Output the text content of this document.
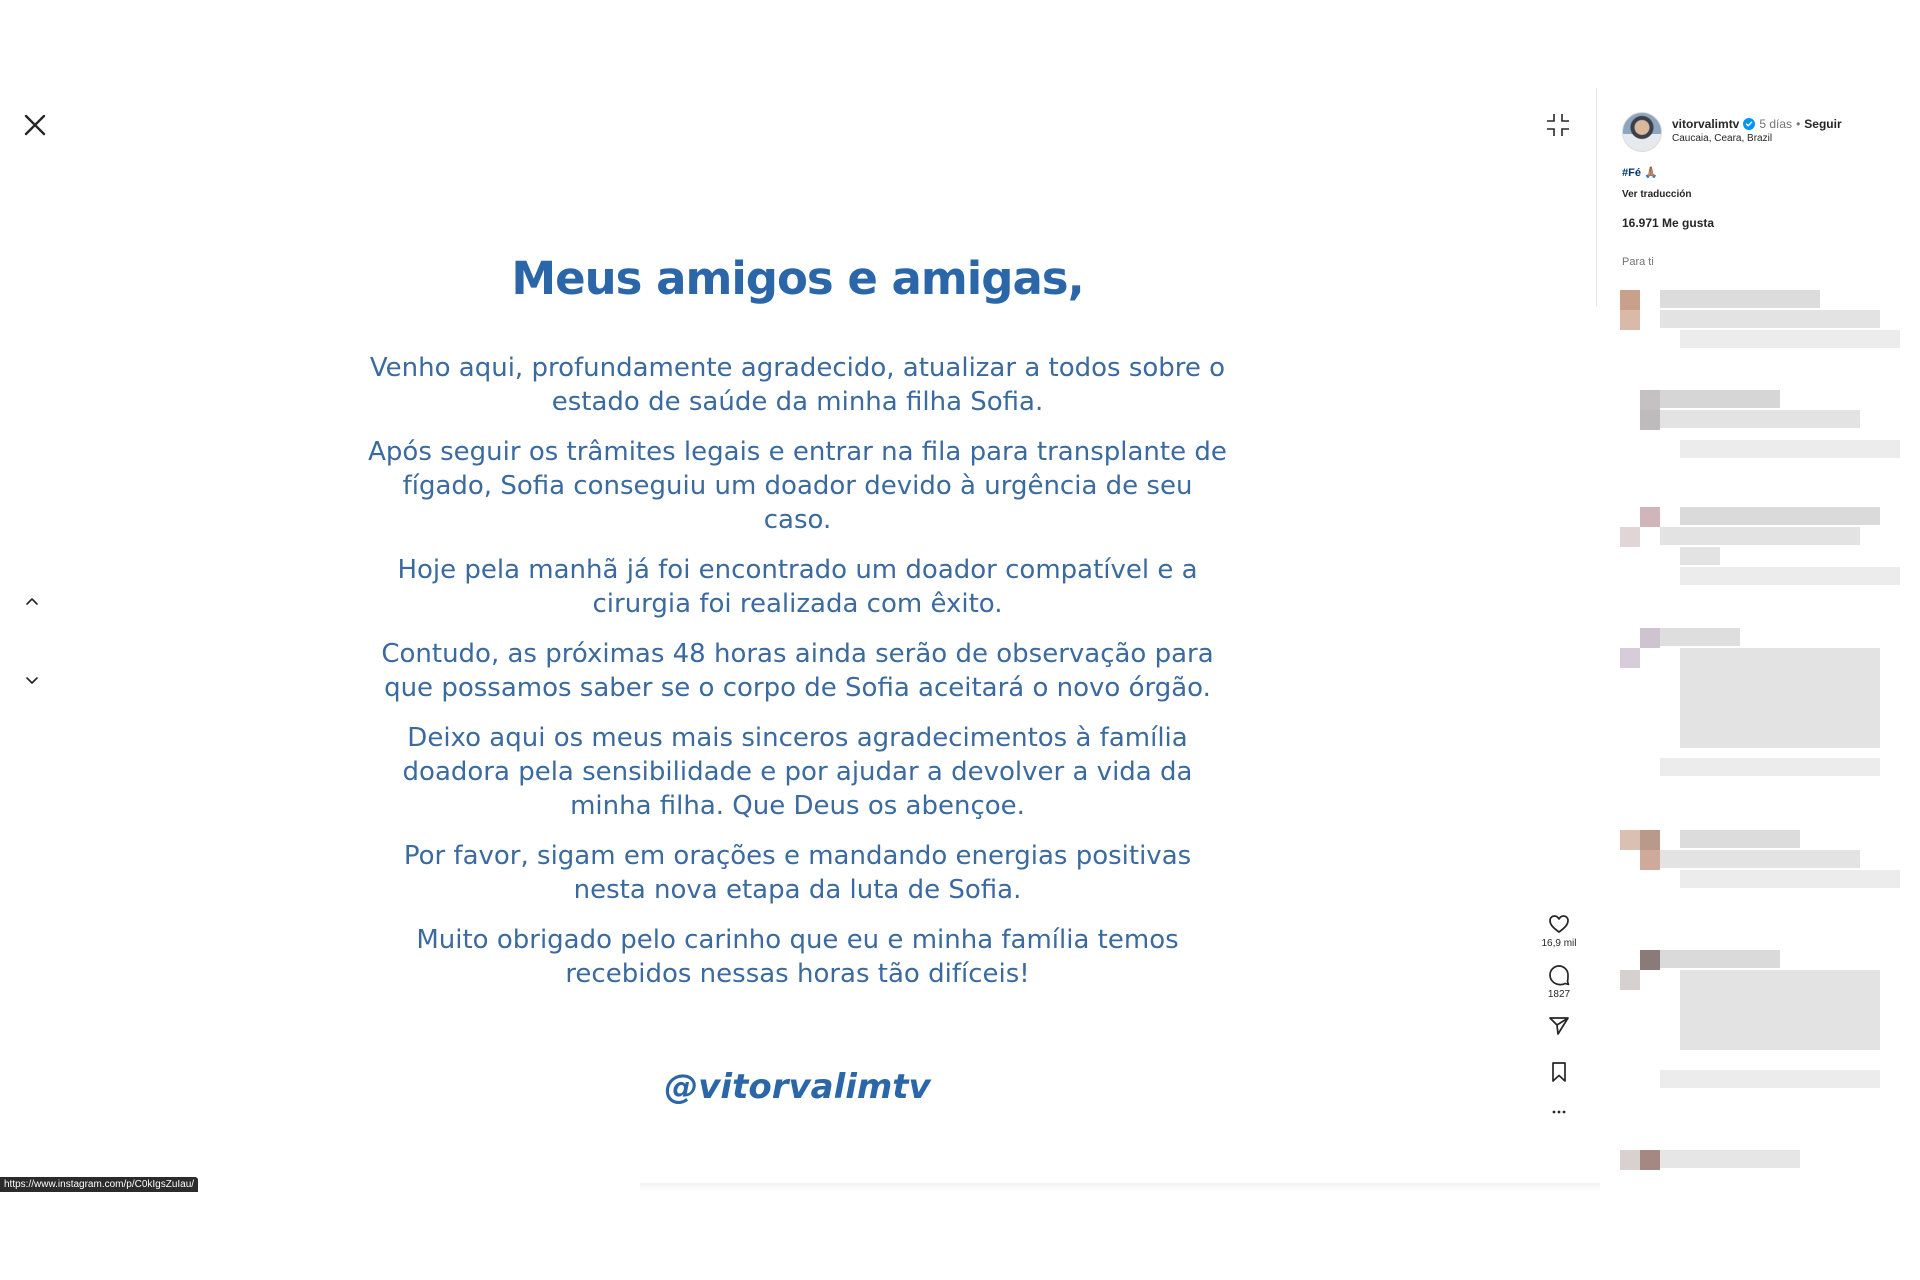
Meus amigos e amigas,
Venho aqui, profundamente agradecido, atualizar a todos sobre o
estado de saúde da minha filha Sofia.
Após seguir os trâmites legais e entrar na fila para transplante de
fígado, Sofia conseguiu um doador devido à urgência de seu caso.
Hoje pela manhã já foi encontrado um doador compatível e a
cirurgia foi realizada com êxito.
Contudo, as próximas 48 horas ainda serão de observação para
que possamos saber se o corpo de Sofia aceitará o novo órgão.
Deixo aqui os meus mais sinceros agradecimentos à família
doadora pela sensibilidade e por ajudar a devolver a vida da
minha filha. Que Deus os abençoe.
Por favor, sigam em orações e mandando energias positivas
nesta nova etapa da luta de Sofia.
Muito obrigado pelo carinho que eu e minha família temos
recebidos nessas horas tão difíceis!
@vitorvalimtv
16,9 mil
1827
vitorvalimtv 5 días • Seguir
Caucaia, Ceara, Brazil
#Fé 🙏🏽
Ver traducción
16.971 Me gusta
Para ti
https://www.instagram.com/p/C0kIgsZuIau/
